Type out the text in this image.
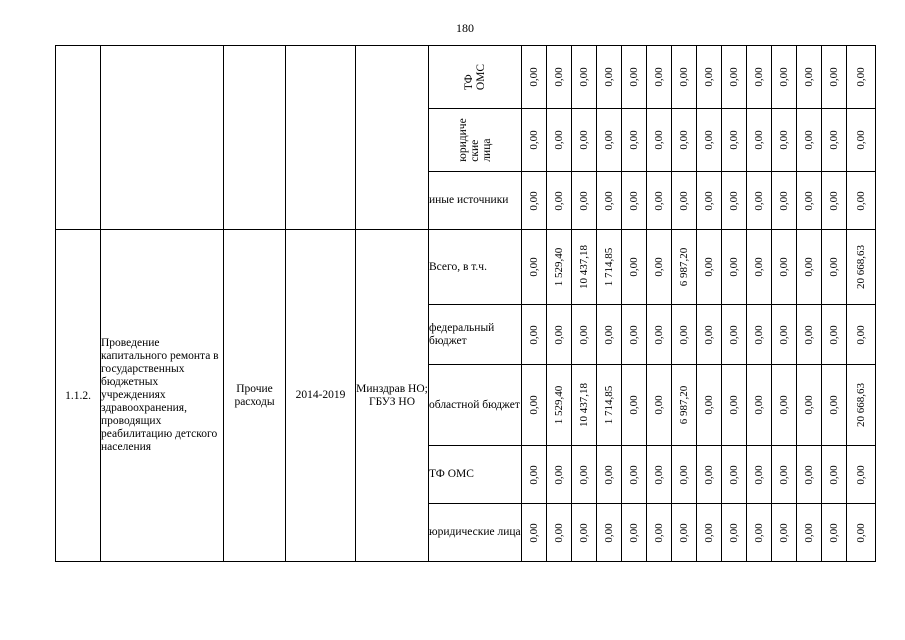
180

					ТФ
ОМС	0,00	0,00	0,00	0,00	0,00	0,00	0,00	0,00	0,00	0,00	0,00	0,00	0,00	0,00

					юридиче
ские
лица	0,00	0,00	0,00	0,00	0,00	0,00	0,00	0,00	0,00	0,00	0,00	0,00	0,00	0,00

					иные источники	0,00	0,00	0,00	0,00	0,00	0,00	0,00	0,00	0,00	0,00	0,00	0,00	0,00	0,00

1.1.2.	Проведение капитального ремонта в государственных бюджетных учреждениях здравоохранения, проводящих реабилитацию детского населения	Прочие расходы	2014-2019	Минздрав НО; ГБУЗ НО	Всего, в т.ч.	0,00	1 529,40	10 437,18	1 714,85	0,00	0,00	6 987,20	0,00	0,00	0,00	0,00	0,00	0,00	20 668,63

					федеральный бюджет	0,00	0,00	0,00	0,00	0,00	0,00	0,00	0,00	0,00	0,00	0,00	0,00	0,00	0,00

					областной бюджет	0,00	1 529,40	10 437,18	1 714,85	0,00	0,00	6 987,20	0,00	0,00	0,00	0,00	0,00	0,00	20 668,63

					ТФ ОМС	0,00	0,00	0,00	0,00	0,00	0,00	0,00	0,00	0,00	0,00	0,00	0,00	0,00	0,00

					юридические лица	0,00	0,00	0,00	0,00	0,00	0,00	0,00	0,00	0,00	0,00	0,00	0,00	0,00	0,00
